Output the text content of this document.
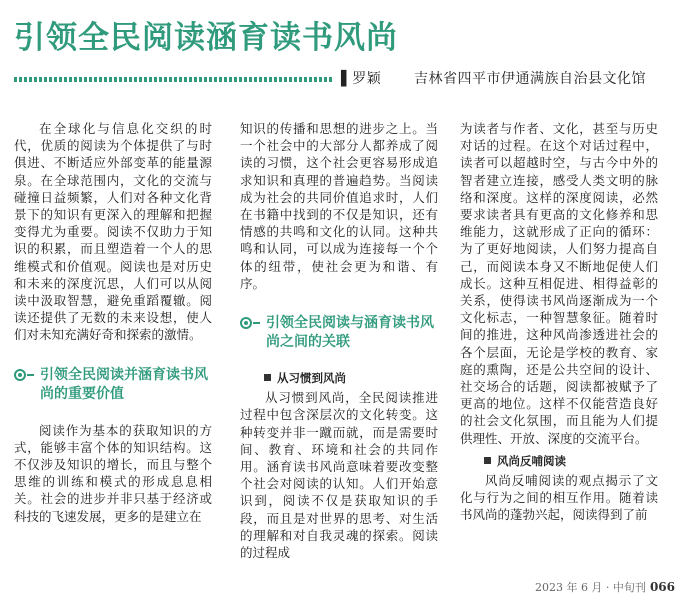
引领全民阅读涵育读书风尚
▌罗颖 吉林省四平市伊通满族自治县文化馆

在全球化与信息化交织的时代，优质的阅读为个体提供了与时俱进、不断适应外部变革的能量源泉。在全球范围内，文化的交流与碰撞日益频繁，人们对各种文化背景下的知识有更深入的理解和把握变得尤为重要。阅读不仅助力于知识的积累，而且塑造着一个人的思维模式和价值观。阅读也是对历史和未来的深度沉思，人们可以从阅读中汲取智慧，避免重蹈覆辙。阅读还提供了无数的未来设想，使人们对未知充满好奇和探索的激情。

引领全民阅读并涵育读书风尚的重要价值

阅读作为基本的获取知识的方式，能够丰富个体的知识结构。这不仅涉及知识的增长，而且与整个思维的训练和模式的形成息息相关。社会的进步并非只基于经济或科技的飞速发展，更多的是建立在

知识的传播和思想的进步之上。当一个社会中的大部分人都养成了阅读的习惯，这个社会更容易形成追求知识和真理的普遍趋势。当阅读成为社会的共同价值追求时，人们在书籍中找到的不仅是知识，还有情感的共鸣和文化的认同。这种共鸣和认同，可以成为连接每一个个体的纽带，使社会更为和谐、有序。

引领全民阅读与涵育读书风尚之间的关联
从习惯到风尚

从习惯到风尚，全民阅读推进过程中包含深层次的文化转变。这种转变并非一蹴而就，而是需要时间、教育、环境和社会的共同作用。涵育读书风尚意味着要改变整个社会对阅读的认知。人们开始意识到，阅读不仅是获取知识的手段，而且是对世界的思考、对生活的理解和对自我灵魂的探索。阅读的过程成

为读者与作者、文化，甚至与历史对话的过程。在这个对话过程中，读者可以超越时空，与古今中外的智者建立连接，感受人类文明的脉络和深度。这样的深度阅读，必然要求读者具有更高的文化修养和思维能力，这就形成了正向的循环：为了更好地阅读，人们努力提高自己，而阅读本身又不断地促使人们成长。这种互相促进、相得益彰的关系，使得读书风尚逐渐成为一个文化标志，一种智慧象征。随着时间的推进，这种风尚渗透进社会的各个层面，无论是学校的教育、家庭的熏陶，还是公共空间的设计、社交场合的话题，阅读都被赋予了更高的地位。这样不仅能营造良好的社会文化氛围，而且能为人们提供理性、开放、深度的交流平台。

风尚反哺阅读

风尚反哺阅读的观点揭示了文化与行为之间的相互作用。随着读书风尚的蓬勃兴起，阅读得到了前

2023 年 6 月 · 中旬刊 066
